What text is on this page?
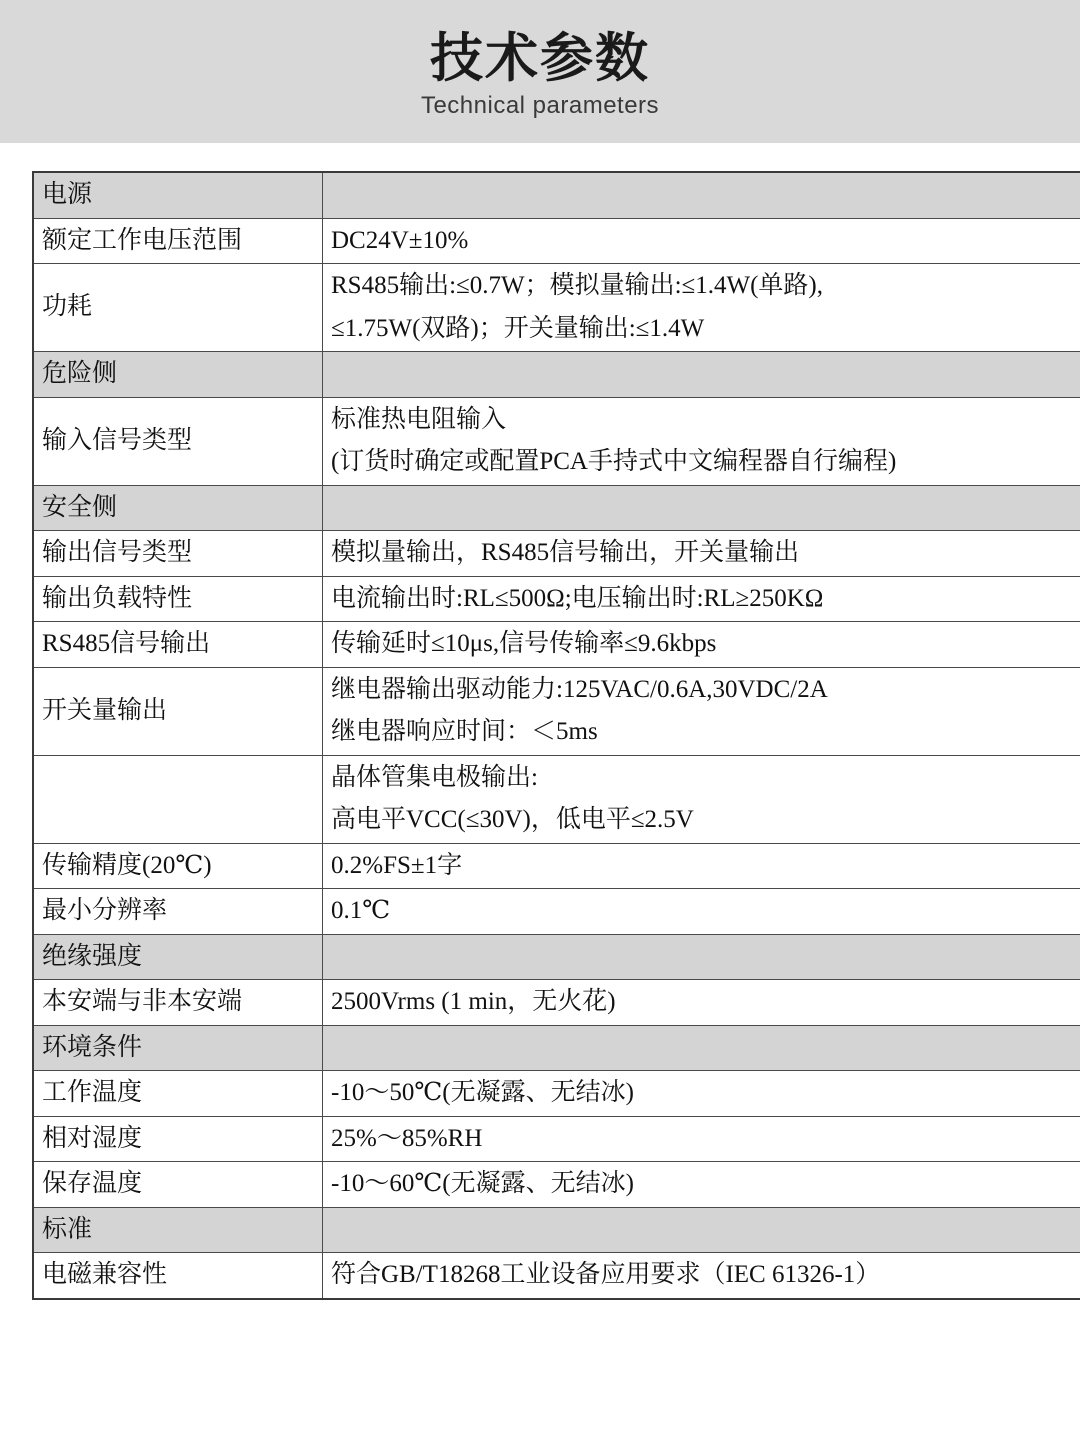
技术参数
Technical parameters
电源	
额定工作电压范围	DC24V±10%

功耗	RS485输出:≤0.7W；模拟量输出:≤1.4W(单路),
≤1.75W(双路)；开关量输出:≤1.4W

危险侧	
输入信号类型	标准热电阻输入
(订货时确定或配置PCA手持式中文编程器自行编程)

安全侧	
输出信号类型	模拟量输出，RS485信号输出，开关量输出

输出负载特性	电流输出时:RL≤500Ω;电压输出时:RL≥250KΩ

RS485信号输出	传输延时≤10μs,信号传输率≤9.6kbps

开关量输出	继电器输出驱动能力:125VAC/0.6A,30VDC/2A
继电器响应时间：＜5ms

	晶体管集电极输出:
高电平VCC(≤30V)，低电平≤2.5V

传输精度(20℃)	0.2%FS±1字

最小分辨率	0.1℃

绝缘强度	
本安端与非本安端	2500Vrms (1 min，无火花)

环境条件	
工作温度	-10～50℃(无凝露、无结冰)

相对湿度	25%～85%RH

保存温度	-10～60℃(无凝露、无结冰)

标准	
电磁兼容性	符合GB/T18268工业设备应用要求（IEC 61326-1）
